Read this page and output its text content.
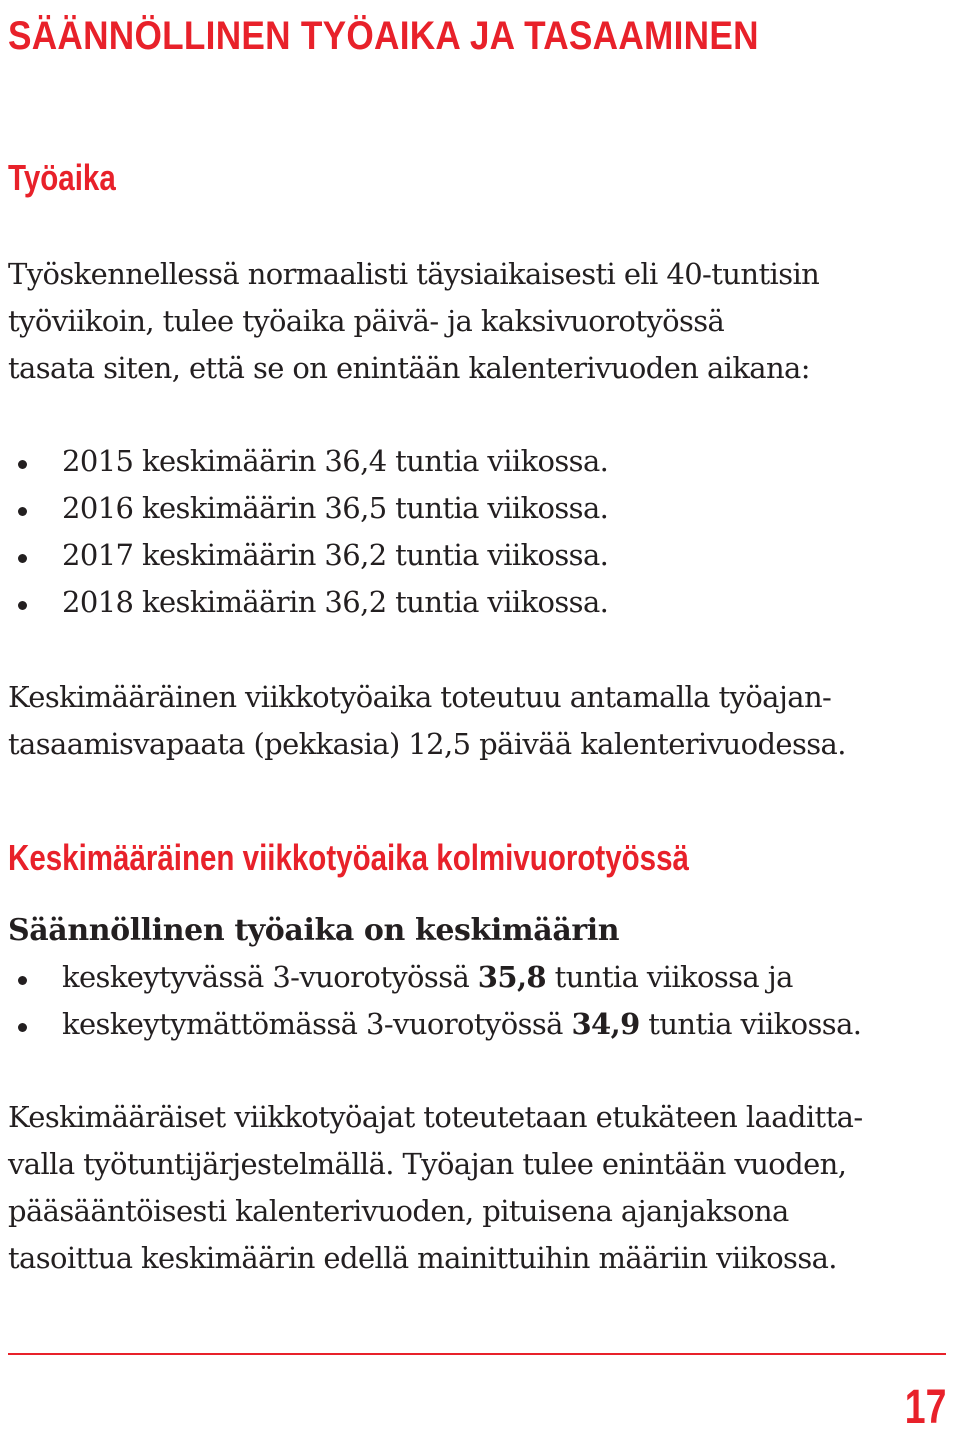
SÄÄNNÖLLINEN TYÖAIKA JA TASAAMINEN
Työaika

Työskennellessä normaalisti täysiaikaisesti eli 40-tuntisin
työviikoin, tulee työaika päivä- ja kaksivuorotyössä
tasata siten, että se on enintään kalenterivuoden aikana:

2015 keskimäärin 36,4 tuntia viikossa.
2016 keskimäärin 36,5 tuntia viikossa.
2017 keskimäärin 36,2 tuntia viikossa.
2018 keskimäärin 36,2 tuntia viikossa.

Keskimääräinen viikkotyöaika toteutuu antamalla työajan-
tasaamisvapaata (pekkasia) 12,5 päivää kalenterivuodessa.

Keskimääräinen viikkotyöaika kolmivuorotyössä

Säännöllinen työaika on keskimäärin

keskeytyvässä 3-vuorotyössä 35,8 tuntia viikossa ja
keskeytymättömässä 3-vuorotyössä 34,9 tuntia viikossa.

Keskimääräiset viikkotyöajat toteutetaan etukäteen laaditta-
valla työtuntijärjestelmällä. Työajan tulee enintään vuoden,
pääsääntöisesti kalenterivuoden, pituisena ajanjaksona
tasoittua keskimäärin edellä mainittuihin määriin viikossa.

17
